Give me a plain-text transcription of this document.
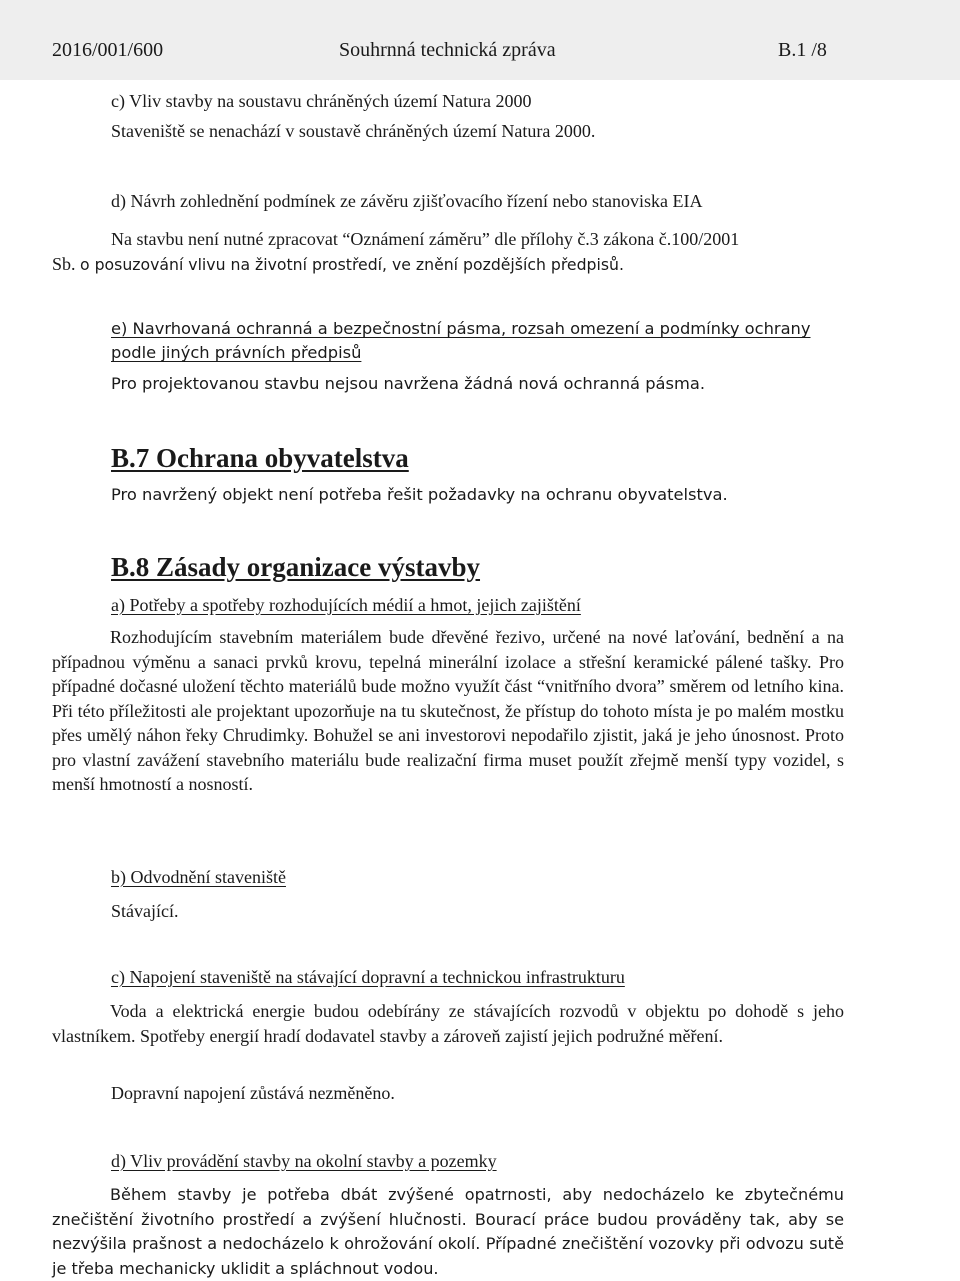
2016/001/600	Souhrnná technická zpráva	B.1 /8
c) Vliv stavby na soustavu chráněných území Natura 2000
Staveniště se nenachází v soustavě chráněných území Natura 2000.
d) Návrh zohlednění podmínek ze závěru zjišťovacího řízení nebo stanoviska EIA
Na stavbu není nutné zpracovat “Oznámení záměru” dle přílohy č.3 zákona č.100/2001
Sb. o posuzování vlivu na životní prostředí, ve znění pozdějších předpisů.
e) Navrhovaná ochranná a bezpečnostní pásma, rozsah omezení a podmínky ochrany
podle jiných právních předpisů
Pro projektovanou stavbu nejsou navržena žádná nová ochranná pásma.
B.7 Ochrana obyvatelstva
Pro navržený objekt není potřeba řešit požadavky na ochranu obyvatelstva.
B.8 Zásady organizace výstavby
a) Potřeby a spotřeby rozhodujících médií a hmot, jejich zajištění

Rozhodujícím stavebním materiálem bude dřevěné řezivo, určené na nové laťování, bednění a na případnou výměnu a sanaci prvků krovu, tepelná minerální izolace a střešní keramické pálené tašky. Pro případné dočasné uložení těchto materiálů bude možno využít část “vnitřního dvora” směrem od letního kina. Při této příležitosti ale projektant upozorňuje na tu skutečnost, že přístup do tohoto místa je po malém mostku přes umělý náhon řeky Chrudimky. Bohužel se ani investorovi nepodařilo zjistit, jaká je jeho únosnost. Proto pro vlastní zavážení stavebního materiálu bude realizační firma muset použít zřejmě menší typy vozidel, s menší hmotností a nosností.

b) Odvodnění staveniště
Stávající.
c) Napojení staveniště na stávající dopravní a technickou infrastrukturu

Voda a elektrická energie budou odebírány ze stávajících rozvodů v objektu po dohodě s jeho vlastníkem. Spotřeby energií hradí dodavatel stavby a zároveň zajistí jejich podružné měření.

Dopravní napojení zůstává nezměněno.
d) Vliv provádění stavby na okolní stavby a pozemky

Během stavby je potřeba dbát zvýšené opatrnosti, aby nedocházelo ke zbytečnému znečištění životního prostředí a zvýšení hlučnosti. Bourací práce budou prováděny tak, aby se nezvýšila prašnost a nedocházelo k ohrožování okolí. Případné znečištění vozovky při odvozu sutě je třeba mechanicky uklidit a spláchnout vodou.
